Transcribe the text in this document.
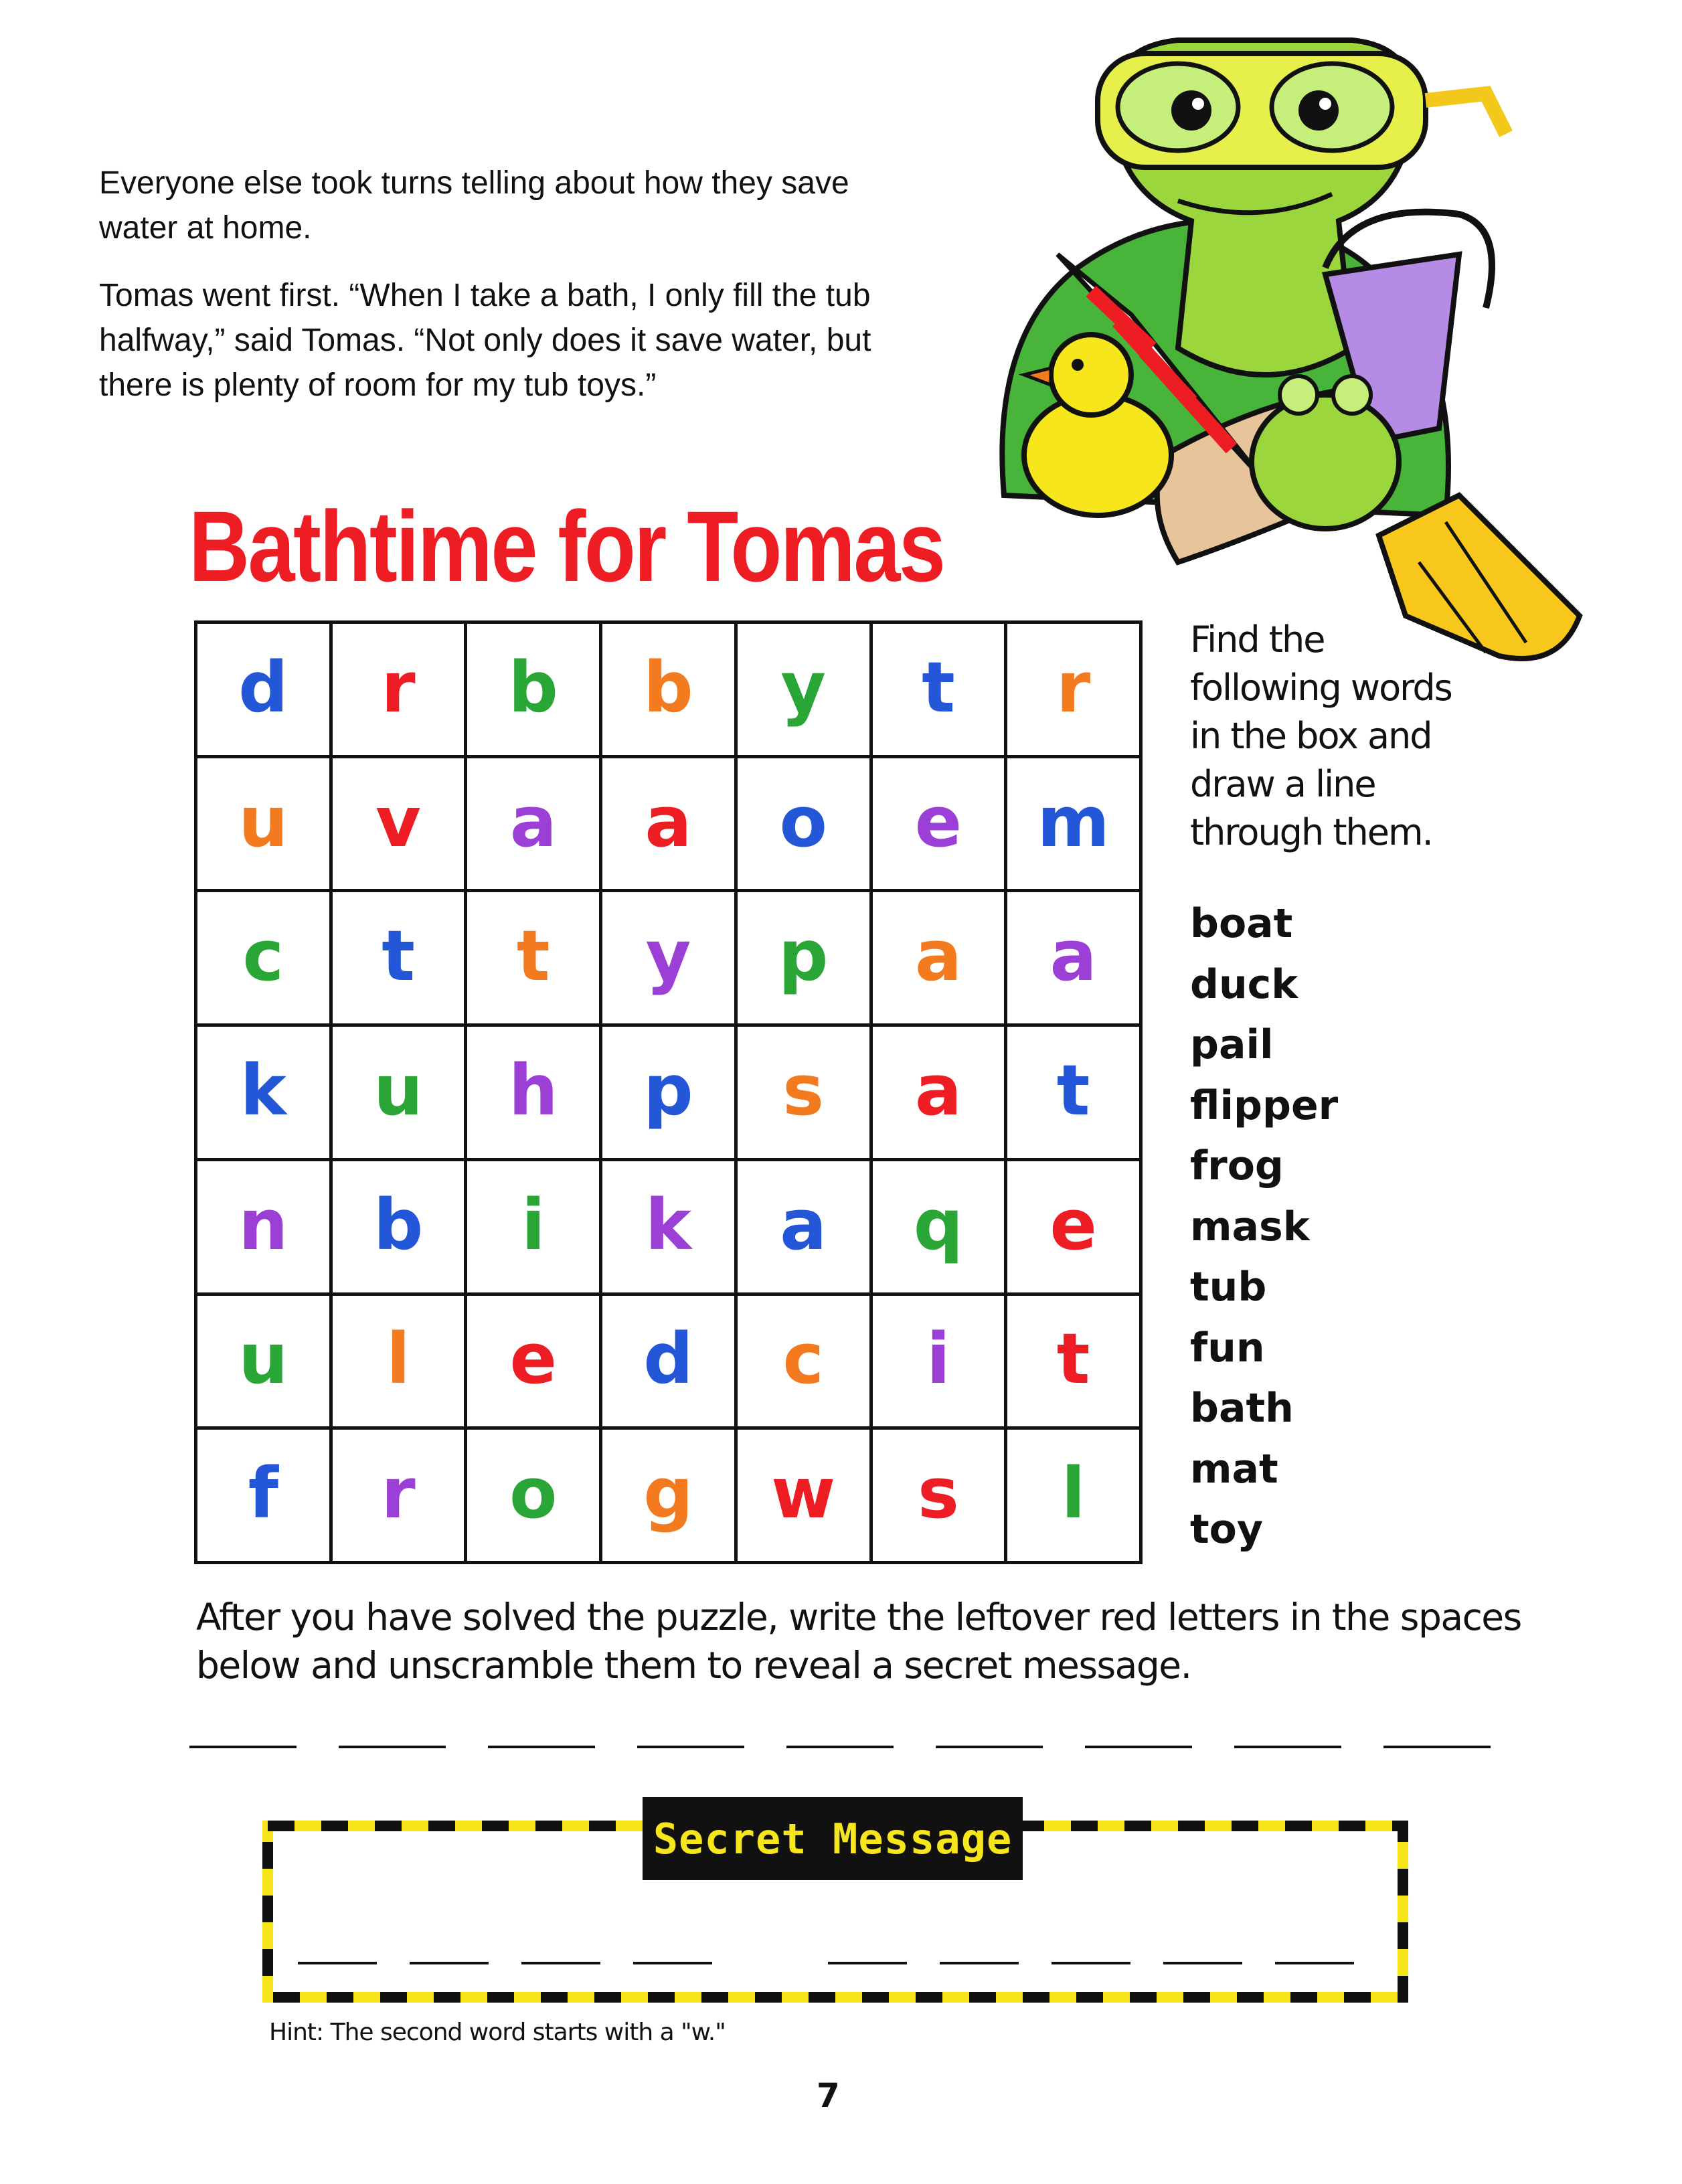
Everyone else took turns telling about how they save water at home.

Tomas went first. “When I take a bath, I only fill the tub halfway,” said Tomas. “Not only does it save water, but there is plenty of room for my tub toys.”

Bathtime for Tomas
d	r	b	b	y	t	r
u	v	a	a	o	e	m
c	t	t	y	p	a	a
k	u	h	p	s	a	t
n	b	i	k	a	q	e
u	l	e	d	c	i	t
f	r	o	g	w	s	l

Find the following words in the box and draw a line through them.

boat
duck
pail
flipper
frog
mask
tub
fun
bath
mat
toy

After you have solved the puzzle, write the leftover red letters in the spaces below and unscramble them to reveal a secret message.

Secret Message

Hint: The second word starts with a "w."

7
